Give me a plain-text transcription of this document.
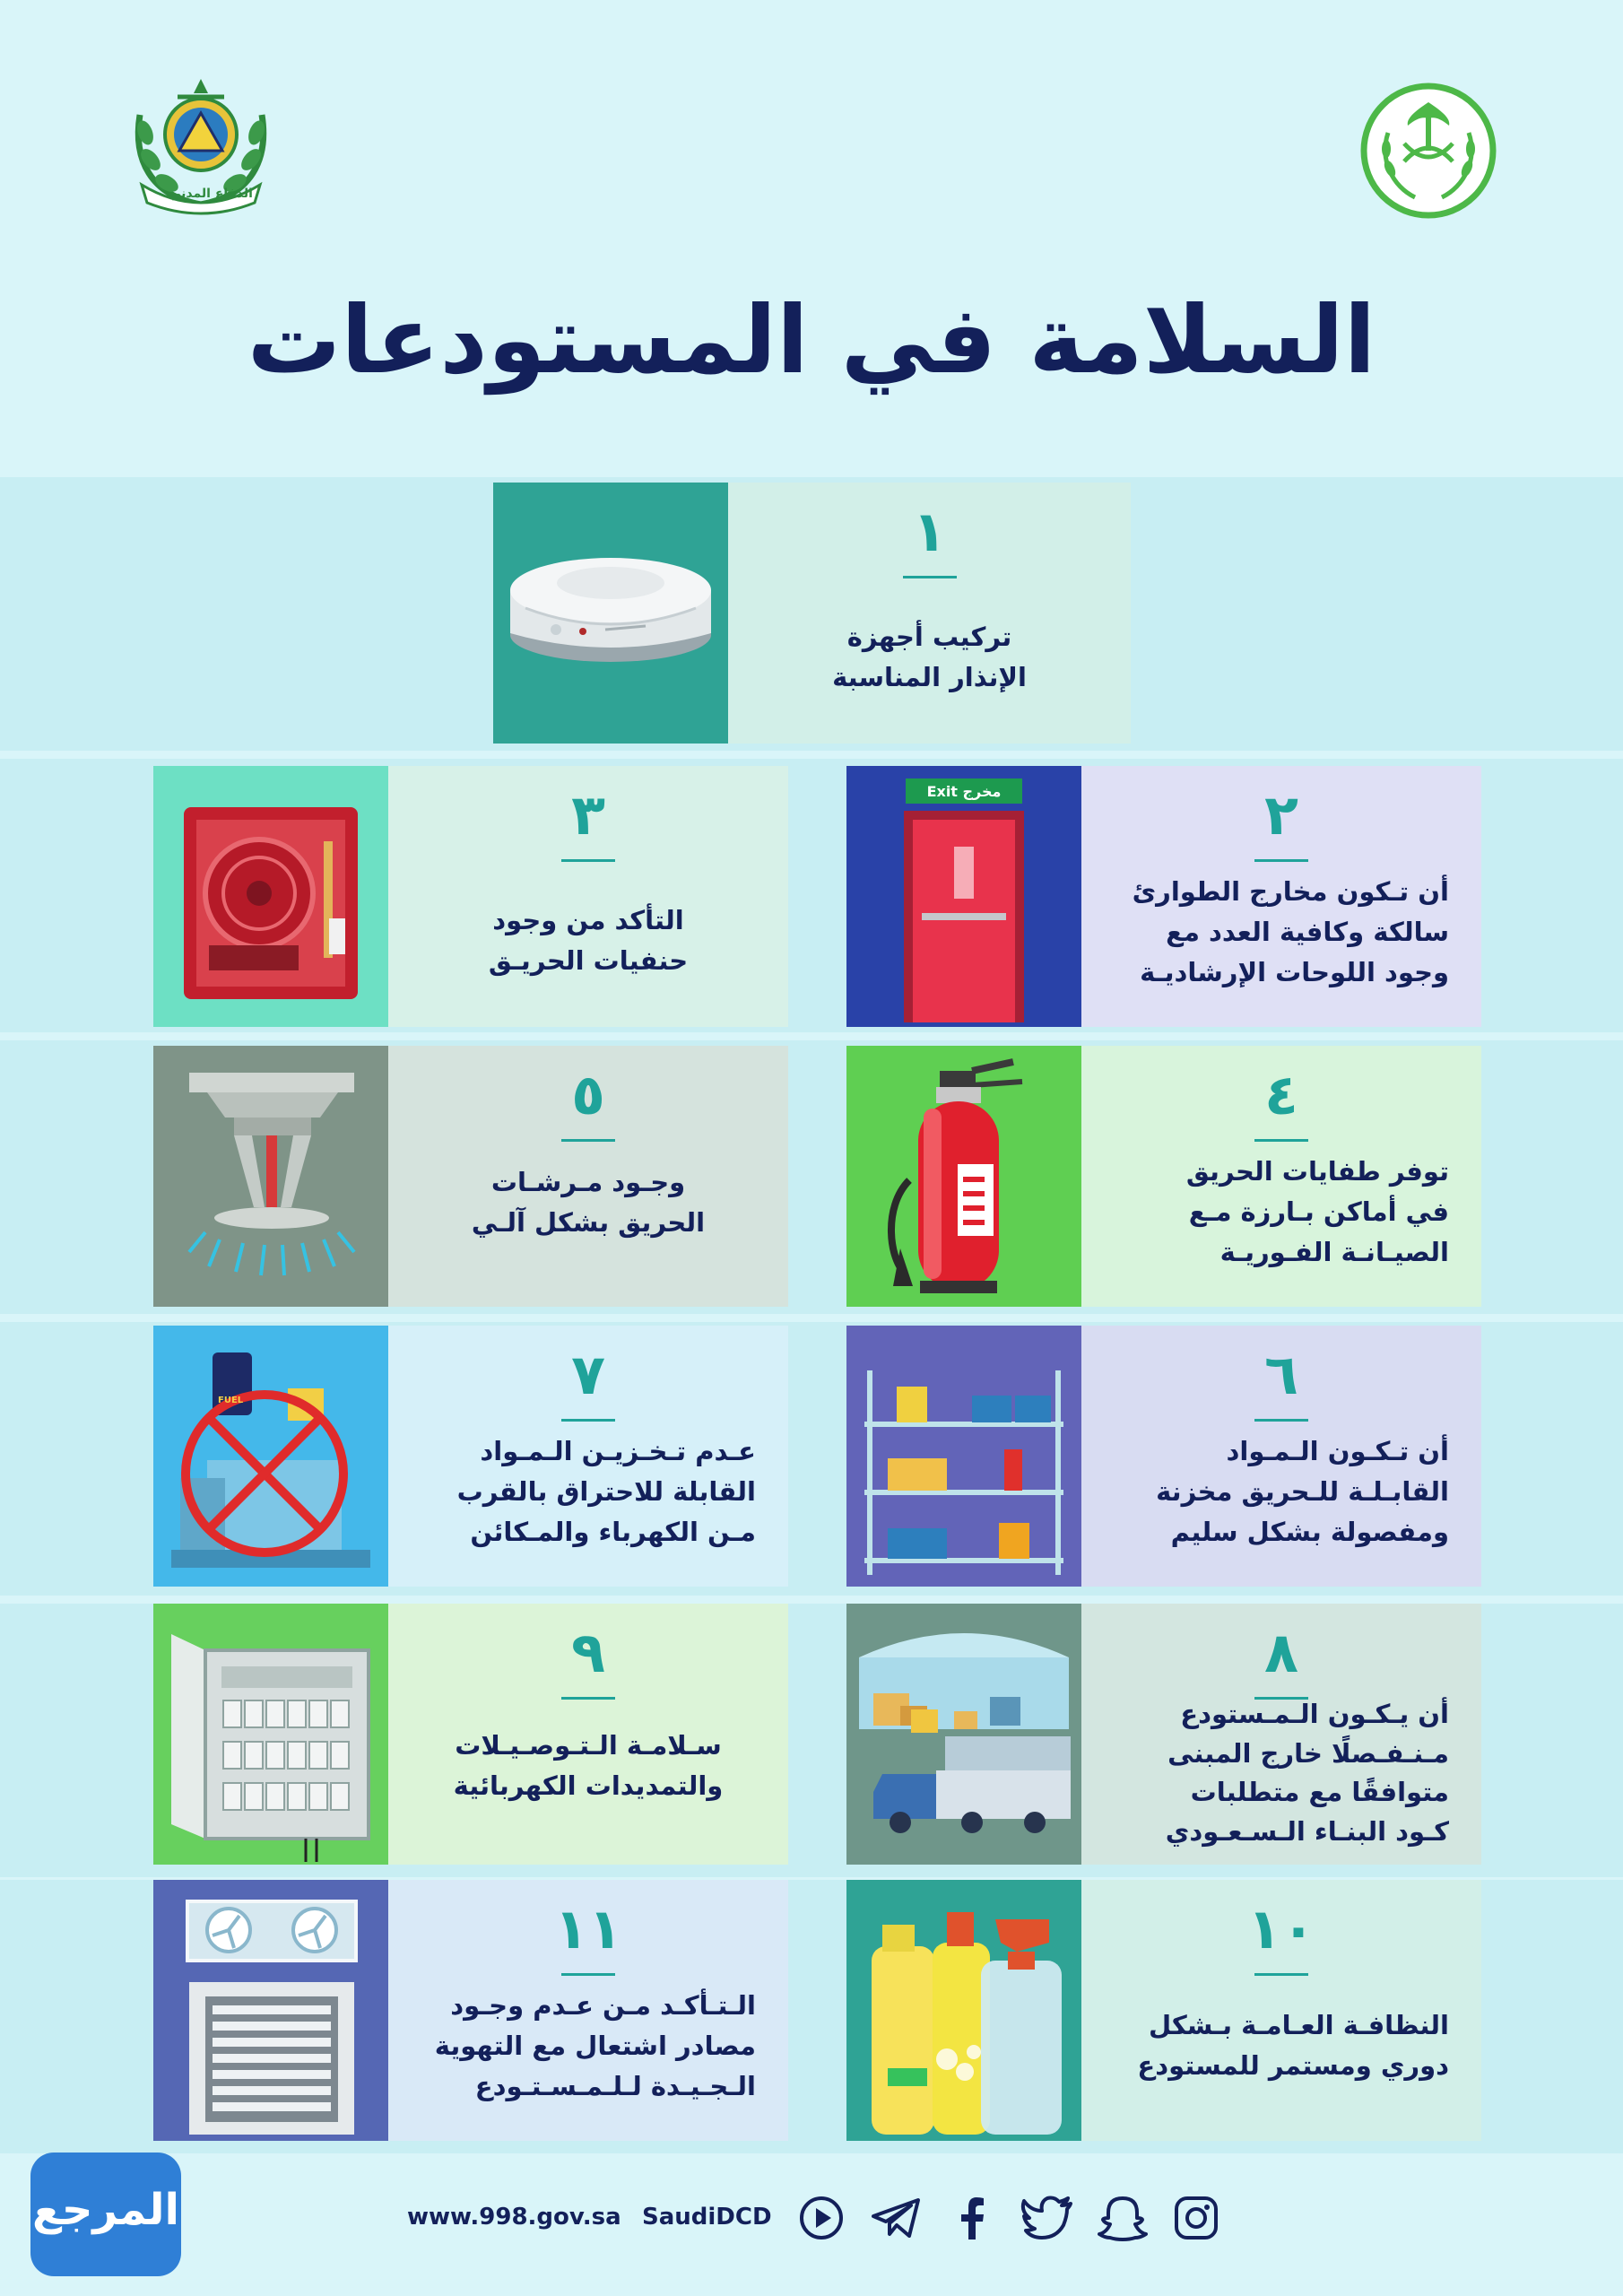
الدفاع المدني
السلامة في المستودعات
١
تركيب أجهزة
الإنذار المناسبة
Exit مخرج	٢
أن تـكون مخارج الطوارئ
سالكة وكافية العدد مع
وجود اللوحات الإرشاديـة
٣
التأكد من وجود
حنفيات الحريـق
٤
توفر طفايات الحريق
في أماكن بـارزة مـع
الصيـانـة الفـوريـة
٥
وجـود مـرشـات
الحريق بشكل آلـي
٦
أن تـكـون الـمـواد
القابـلـة للـحريق مخزنة
ومفصولة بشكل سليم
FUEL	٧
عـدم تـخـزيـن الـمـواد
القابلة للاحتراق بالقرب
مـن الكهرباء والمـكائن
٨
أن يـكـون الـمـستودع
مـنـفـصلًا خارج المبنى
متوافقًا مع متطلبات
كـود البنـاء الـسـعـودي
٩
سـلامـة الـتـوصـيـلات
والتمديدات الكهربائية
١٠
النظافـة العـامـة بـشكل
دوري ومستمر للمستودع
١١
الـتـأكـد مـن عـدم وجـود
مصادر اشتعال مع التهوية
الـجـيـدة لـلـمـسـتـودع
المرجع	www.998.gov.sa SaudiDCD
